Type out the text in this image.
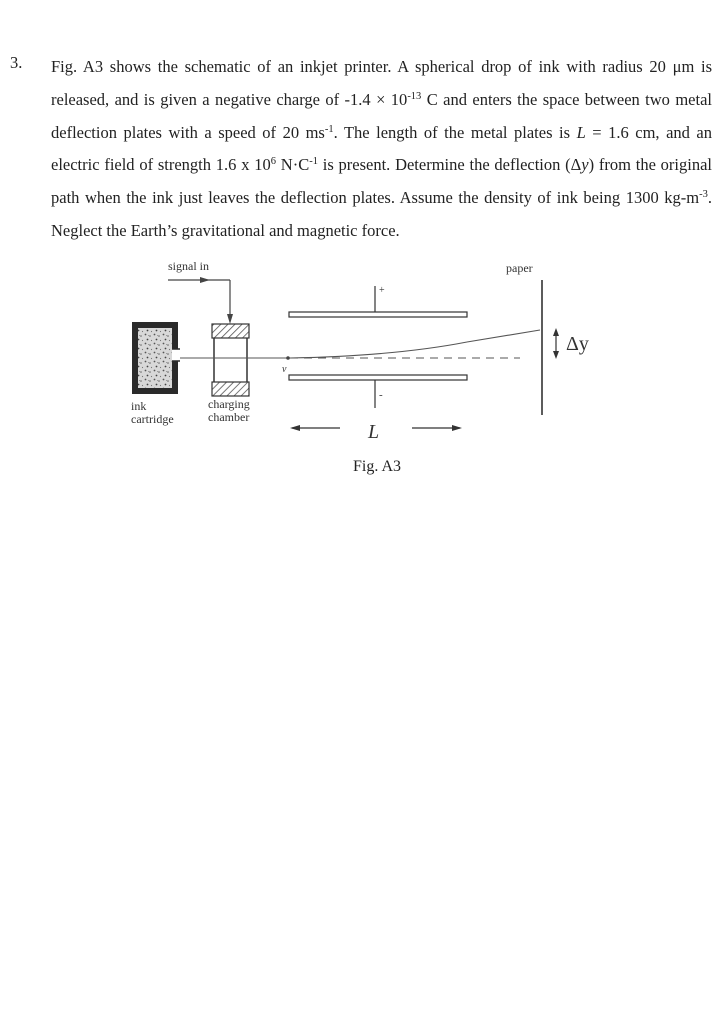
3. Fig. A3 shows the schematic of an inkjet printer. A spherical drop of ink with radius 20 μm is released, and is given a negative charge of $-1.4 \times 10^{-13}$ C and enters the space between two metal deflection plates with a speed of 20 $ms^{-1}$. The length of the metal plates is L = 1.6 cm, and an electric field of strength 1.6 x $10^6$ $N\cdot C^{-1}$ is present. Determine the deflection (Δy) from the original path when the ink just leaves the deflection plates. Assume the density of ink being 1300 $kg-m^{-3}$. Neglect the Earth’s gravitational and magnetic force.

signal in	paper
+
-
v
ink
cartridge
charging
chamber
L
Δy
Fig. A3
